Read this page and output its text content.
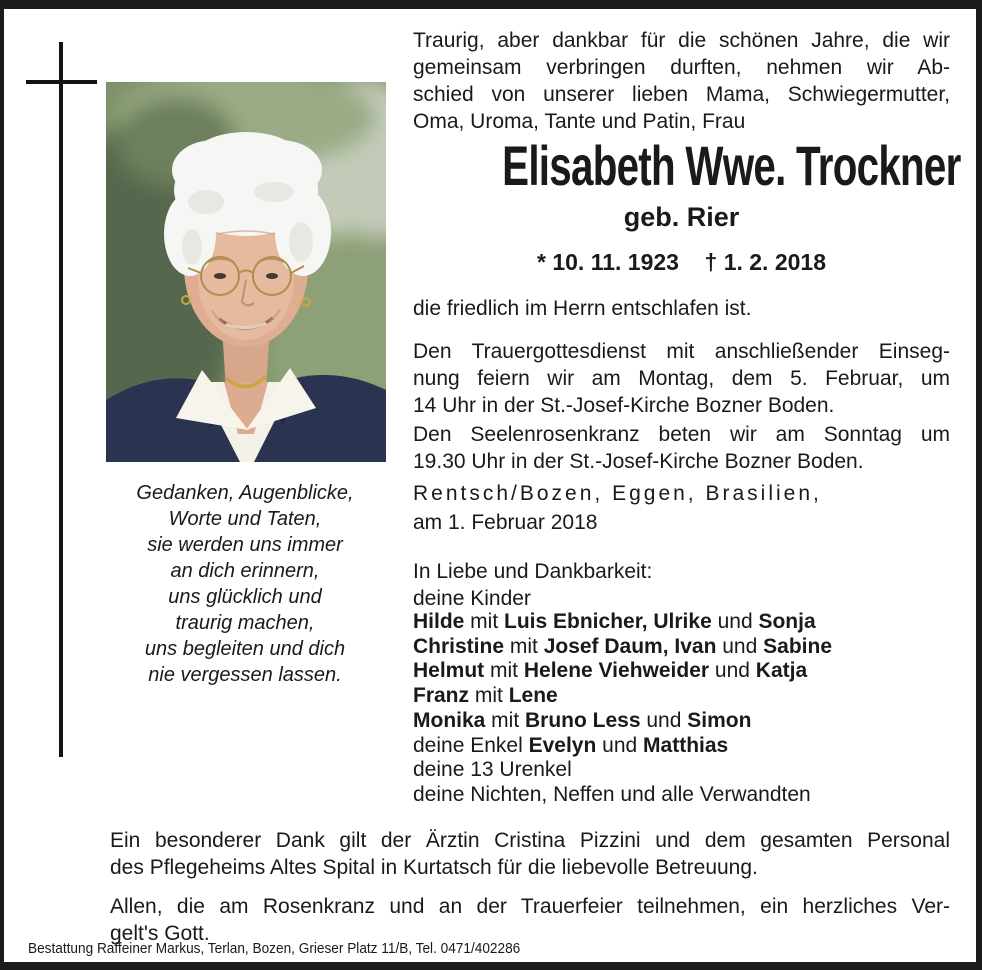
Gedanken, Augenblicke,
Worte und Taten,
sie werden uns immer
an dich erinnern,
uns glücklich und
traurig machen,
uns begleiten und dich
nie vergessen lassen.
Traurig, aber dankbar für die schönen Jahre, die wir
gemeinsam verbringen durften, nehmen wir Ab-
schied von unserer lieben Mama, Schwiegermutter,
Oma, Uroma, Tante und Patin, Frau
Elisabeth Wwe. Trockner
geb. Rier
* 10. 11. 1923    † 1. 2. 2018
die friedlich im Herrn entschlafen ist.
Den Trauergottesdienst mit anschließender Einseg-
nung feiern wir am Montag, dem 5. Februar, um
14 Uhr in der St.-Josef-Kirche Bozner Boden.
Den Seelenrosenkranz beten wir am Sonntag um
19.30 Uhr in der St.-Josef-Kirche Bozner Boden.
Rentsch/Bozen, Eggen, Brasilien,
am 1. Februar 2018
In Liebe und Dankbarkeit:
deine Kinder
Hilde mit Luis Ebnicher, Ulrike und Sonja
Christine mit Josef Daum, Ivan und Sabine
Helmut mit Helene Viehweider und Katja
Franz mit Lene
Monika mit Bruno Less und Simon
deine Enkel Evelyn und Matthias
deine 13 Urenkel
deine Nichten, Neffen und alle Verwandten
Ein besonderer Dank gilt der Ärztin Cristina Pizzini und dem gesamten Personal
des Pflegeheims Altes Spital in Kurtatsch für die liebevolle Betreuung.
Allen, die am Rosenkranz und an der Trauerfeier teilnehmen, ein herzliches Ver-
gelt's Gott.
Bestattung Raffeiner Markus, Terlan, Bozen, Grieser Platz 11/B, Tel. 0471/402286
